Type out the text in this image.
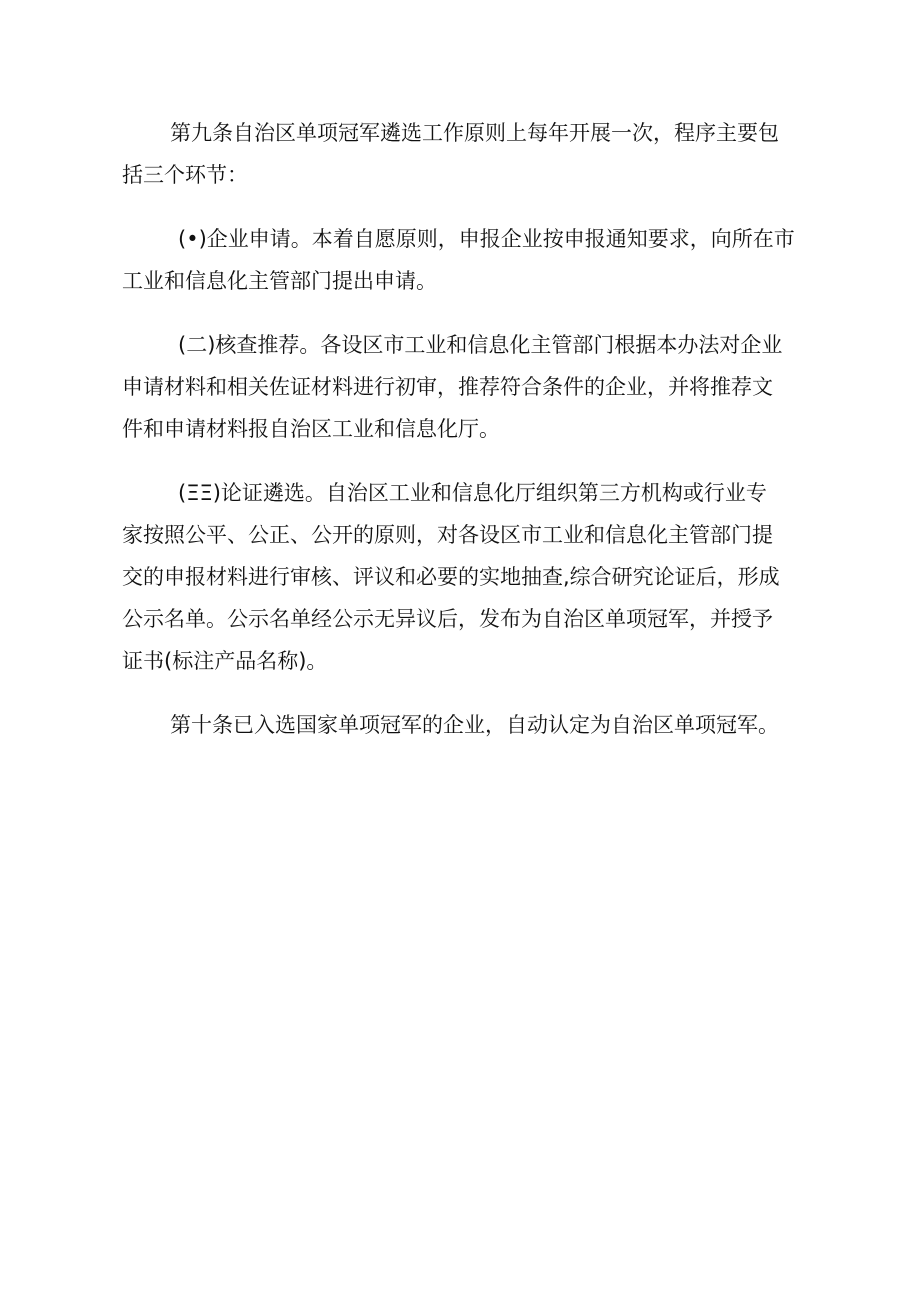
第九条自治区单项冠军遴选工作原则上每年开展一次，程序主要包
括三个环节：

(•)企业申请。本着自愿原则，申报企业按申报通知要求，向所在市
工业和信息化主管部门提出申请。

(二)核查推荐。各设区市工业和信息化主管部门根据本办法对企业
申请材料和相关佐证材料进行初审，推荐符合条件的企业，并将推荐文
件和申请材料报自治区工业和信息化厅。

(ΞΞ)论证遴选。自治区工业和信息化厅组织第三方机构或行业专
家按照公平、公正、公开的原则，对各设区市工业和信息化主管部门提
交的申报材料进行审核、评议和必要的实地抽查,综合研究论证后，形成
公示名单。公示名单经公示无异议后，发布为自治区单项冠军，并授予
证书(标注产品名称)。

第十条已入选国家单项冠军的企业，自动认定为自治区单项冠军。
